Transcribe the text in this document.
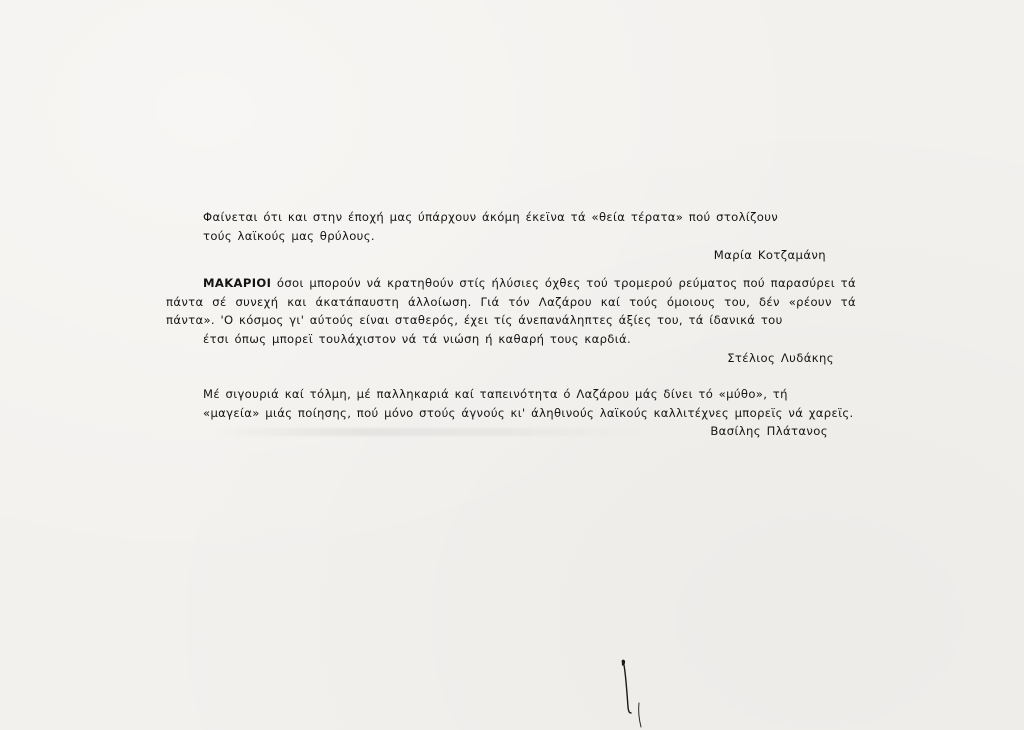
Φαίνεται ότι και στην έποχή μας ύπάρχουν άκόμη έκεϊνα τά «θεία τέρατα» πού στολίζουν
τούς λαϊκούς μας θρύλους.

Μαρία Κοτζαμάνη

ΜΑΚΑΡΙΟΙ όσοι μπορούν νά κρατηθούν στίς ήλύσιες όχθες τού τρομερού ρεύματος πού παρασύρει τά πάντα σέ συνεχή και άκατάπαυστη άλλοίωση. Γιά τόν Λαζάρου καί τούς όμοιους του, δέν «ρέουν τά πάντα». 'Ο κόσμος γι' αύτούς είναι σταθερός, έχει τίς άνεπανάληπτες άξίες του, τά ίδανικά του
έτσι όπως μπορεϊ τουλάχιστον νά τά νιώση ή καθαρή τους καρδιά.

Στέλιος Λυδάκης

Μέ σιγουριά καί τόλμη, μέ παλληκαριά καί ταπεινότητα ό Λαζάρου μάς δίνει τό «μύθο», τή
«μαγεία» μιάς ποίησης, πού μόνο στούς άγνούς κι' άληθινούς λαϊκούς καλλιτέχνες μπορεϊς νά χαρεϊς.

Βασίλης Πλάτανος
